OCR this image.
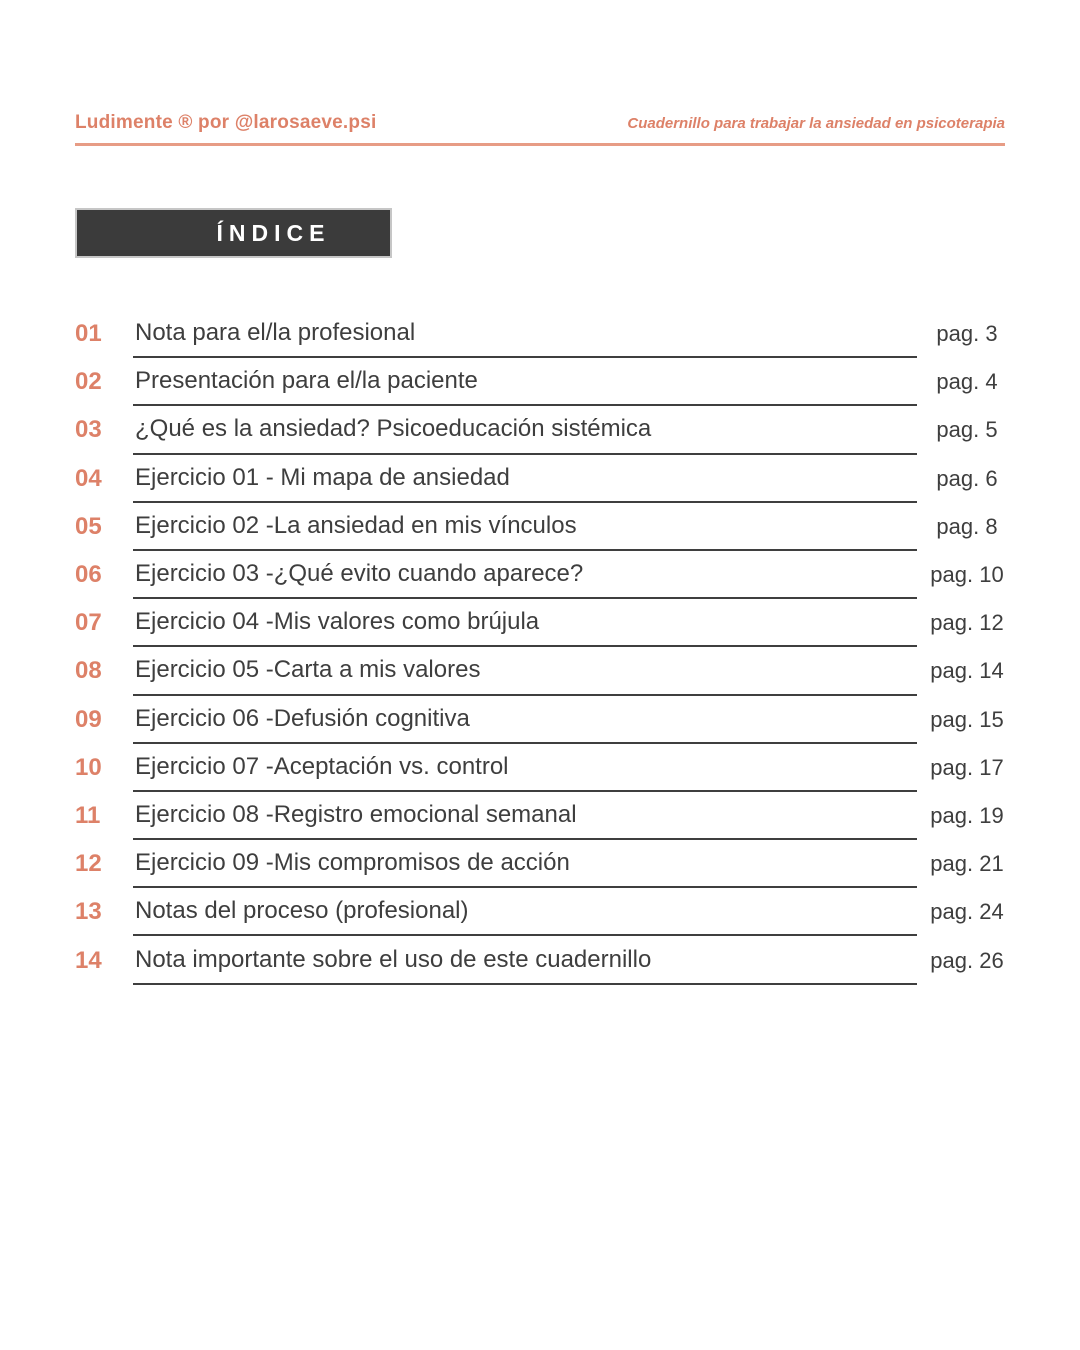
Ludimente ® por @larosaeve.psi	Cuadernillo para trabajar la ansiedad en psicoterapia
ÍNDICE
01	Nota para el/la profesional	pag. 3
02	Presentación para el/la paciente	pag. 4
03	¿Qué es la ansiedad? Psicoeducación sistémica	pag. 5
04	Ejercicio 01 - Mi mapa de ansiedad	pag. 6
05	Ejercicio 02 -La ansiedad en mis vínculos	pag. 8
06	Ejercicio 03 -¿Qué evito cuando aparece?	pag. 10
07	Ejercicio 04 -Mis valores como brújula	pag. 12
08	Ejercicio 05 -Carta a mis valores	pag. 14
09	Ejercicio 06 -Defusión cognitiva	pag. 15
10	Ejercicio 07 -Aceptación vs. control	pag. 17
11	Ejercicio 08 -Registro emocional semanal	pag. 19
12	Ejercicio 09 -Mis compromisos de acción	pag. 21
13	Notas del proceso (profesional)	pag. 24
14	Nota importante sobre el uso de este cuadernillo	pag. 26
